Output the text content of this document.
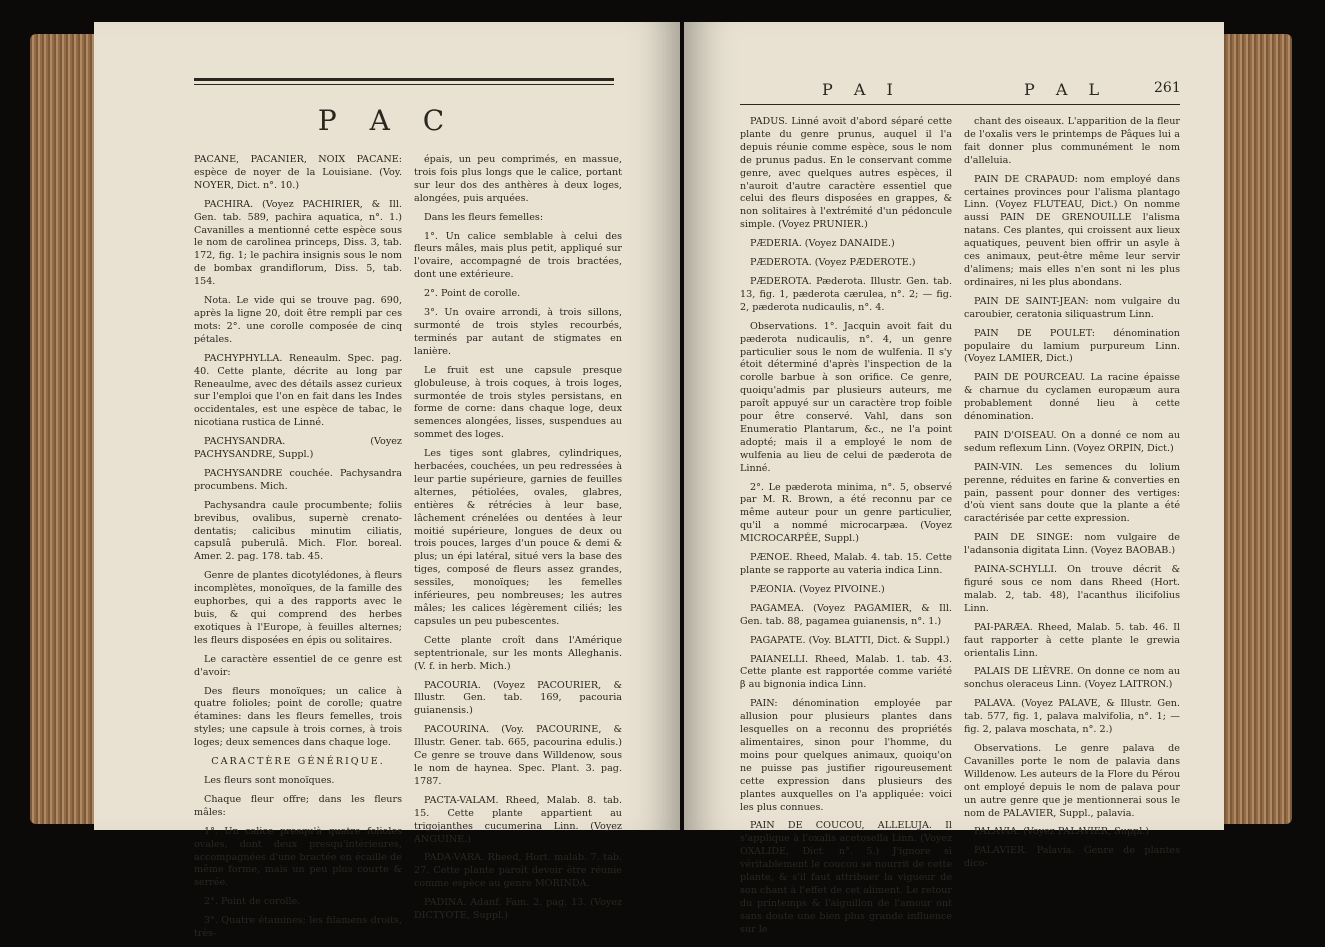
P A C

PACANE, PACANIER, NOIX PACANE: espèce de noyer de la Louisiane. (Voy. NOYER, Dict. n°. 10.)

PACHIRA. (Voyez PACHIRIER, & Ill. Gen. tab. 589, pachira aquatica, n°. 1.) Cavanilles a mentionné cette espèce sous le nom de carolinea princeps, Diss. 3, tab. 172, fig. 1; le pachira insignis sous le nom de bombax grandiflorum, Diss. 5, tab. 154.

Nota. Le vide qui se trouve pag. 690, après la ligne 20, doit être rempli par ces mots: 2°. une corolle composée de cinq pétales.

PACHYPHYLLA. Reneaulm. Spec. pag. 40. Cette plante, décrite au long par Reneaulme, avec des détails assez curieux sur l'emploi que l'on en fait dans les Indes occidentales, est une espèce de tabac, le nicotiana rustica de Linné.

PACHYSANDRA. (Voyez PACHYSANDRE, Suppl.)

PACHYSANDRE couchée. Pachysandra procumbens. Mich.

Pachysandra caule procumbente; foliis brevibus, ovalibus, supernè crenato-dentatis; calicibus minutim ciliatis, capsulâ puberulâ. Mich. Flor. boreal. Amer. 2. pag. 178. tab. 45.

Genre de plantes dicotylédones, à fleurs incomplètes, monoïques, de la famille des euphorbes, qui a des rapports avec le buis, & qui comprend des herbes exotiques à l'Europe, à feuilles alternes; les fleurs disposées en épis ou solitaires.

Le caractère essentiel de ce genre est d'avoir:

Des fleurs monoïques; un calice à quatre folioles; point de corolle; quatre étamines: dans les fleurs femelles, trois styles; une capsule à trois cornes, à trois loges; deux semences dans chaque loge.

CARACTÈRE GÉNÉRIQUE.

Les fleurs sont monoïques.

Chaque fleur offre; dans les fleurs mâles:

1°. Un calice presqu'à quatre folioles ovales, dont deux presqu'intérieures, accompagnées d'une bractée en écaille de même forme, mais un peu plus courte & serrée.

2°. Point de corolle.

3°. Quatre étamines; les filamens droits, très-

épais, un peu comprimés, en massue, trois fois plus longs que le calice, portant sur leur dos des anthères à deux loges, alongées, puis arquées.

Dans les fleurs femelles:

1°. Un calice semblable à celui des fleurs mâles, mais plus petit, appliqué sur l'ovaire, accompagné de trois bractées, dont une extérieure.

2°. Point de corolle.

3°. Un ovaire arrondi, à trois sillons, surmonté de trois styles recourbés, terminés par autant de stigmates en lanière.

Le fruit est une capsule presque globuleuse, à trois coques, à trois loges, surmontée de trois styles persistans, en forme de corne: dans chaque loge, deux semences alongées, lisses, suspendues au sommet des loges.

Les tiges sont glabres, cylindriques, herbacées, couchées, un peu redressées à leur partie supérieure, garnies de feuilles alternes, pétiolées, ovales, glabres, entières & rétrécies à leur base, lâchement crénelées ou dentées à leur moitié supérieure, longues de deux ou trois pouces, larges d'un pouce & demi & plus; un épi latéral, situé vers la base des tiges, composé de fleurs assez grandes, sessiles, monoïques; les femelles inférieures, peu nombreuses; les autres mâles; les calices légèrement ciliés; les capsules un peu pubescentes.

Cette plante croît dans l'Amérique septentrionale, sur les monts Alleghanis. (V. f. in herb. Mich.)

PACOURIA. (Voyez PACOURIER, & Illustr. Gen. tab. 169, pacouria guianensis.)

PACOURINA. (Voy. PACOURINE, & Illustr. Gener. tab. 665, pacourina edulis.) Ce genre se trouve dans Willdenow, sous le nom de haynea. Spec. Plant. 3. pag. 1787.

PACTA-VALAM. Rheed, Malab. 8. tab. 15. Cette plante appartient au trigojanthes cucumerina Linn. (Voyez ANGUINE.)

PADA-VARA. Rheed, Hort. malab. 7. tab. 27. Cette plante paroît devoir être réunie comme espèce au genre MORINDA.

PADINA. Adanf. Fam. 2. pag. 13. (Voyez DICTYOTE, Suppl.)

P A I	P A L	261

PADUS. Linné avoit d'abord séparé cette plante du genre prunus, auquel il l'a depuis réunie comme espèce, sous le nom de prunus padus. En le conservant comme genre, avec quelques autres espèces, il n'auroit d'autre caractère essentiel que celui des fleurs disposées en grappes, & non solitaires à l'extrémité d'un pédoncule simple. (Voyez PRUNIER.)

PÆDERIA. (Voyez DANAIDE.)

PÆDEROTA. (Voyez PÆDEROTE.)

PÆDEROTA. Pæderota. Illustr. Gen. tab. 13, fig. 1, pæderota cærulea, n°. 2; — fig. 2, pæderota nudicaulis, n°. 4.

Observations. 1°. Jacquin avoit fait du pæderota nudicaulis, n°. 4, un genre particulier sous le nom de wulfenia. Il s'y étoit déterminé d'après l'inspection de la corolle barbue à son orifice. Ce genre, quoiqu'admis par plusieurs auteurs, me paroît appuyé sur un caractère trop foible pour être conservé. Vahl, dans son Enumeratio Plantarum, &c., ne l'a point adopté; mais il a employé le nom de wulfenia au lieu de celui de pæderota de Linné.

2°. Le pæderota minima, n°. 5, observé par M. R. Brown, a été reconnu par ce même auteur pour un genre particulier, qu'il a nommé microcarpæa. (Voyez MICROCARPÉE, Suppl.)

PÆNOE. Rheed, Malab. 4. tab. 15. Cette plante se rapporte au vateria indica Linn.

PÆONIA. (Voyez PIVOINE.)

PAGAMEA. (Voyez PAGAMIER, & Ill. Gen. tab. 88, pagamea guianensis, n°. 1.)

PAGAPATE. (Voy. BLATTI, Dict. & Suppl.)

PAIANELLI. Rheed, Malab. 1. tab. 43. Cette plante est rapportée comme variété β au bignonia indica Linn.

PAIN: dénomination employée par allusion pour plusieurs plantes dans lesquelles on a reconnu des propriétés alimentaires, sinon pour l'homme, du moins pour quelques animaux, quoiqu'on ne puisse pas justifier rigoureusement cette expression dans plusieurs des plantes auxquelles on l'a appliquée: voici les plus connues.

PAIN DE COUCOU, ALLELUJA. Il s'applique à l'oxalis acetosella Linn. (Voyez OXALIDE, Dict. n°. 5.) J'ignore si véritablement le coucou se nourrit de cette plante, & s'il faut attribuer la vigueur de son chant à l'effet de cet aliment. Le retour du printemps & l'aiguillon de l'amour ont sans doute une bien plus grande influence sur le

chant des oiseaux. L'apparition de la fleur de l'oxalis vers le printemps de Pâques lui a fait donner plus communément le nom d'alleluia.

PAIN DE CRAPAUD: nom employé dans certaines provinces pour l'alisma plantago Linn. (Voyez FLUTEAU, Dict.) On nomme aussi PAIN DE GRENOUILLE l'alisma natans. Ces plantes, qui croissent aux lieux aquatiques, peuvent bien offrir un asyle à ces animaux, peut-être même leur servir d'alimens; mais elles n'en sont ni les plus ordinaires, ni les plus abondans.

PAIN DE SAINT-JEAN: nom vulgaire du caroubier, ceratonia siliquastrum Linn.

PAIN DE POULET: dénomination populaire du lamium purpureum Linn. (Voyez LAMIER, Dict.)

PAIN DE POURCEAU. La racine épaisse & charnue du cyclamen europæum aura probablement donné lieu à cette dénomination.

PAIN D'OISEAU. On a donné ce nom au sedum reflexum Linn. (Voyez ORPIN, Dict.)

PAIN-VIN. Les semences du lolium perenne, réduites en farine & converties en pain, passent pour donner des vertiges: d'où vient sans doute que la plante a été caractérisée par cette expression.

PAIN DE SINGE: nom vulgaire de l'adansonia digitata Linn. (Voyez BAOBAB.)

PAINA-SCHYLLI. On trouve décrit & figuré sous ce nom dans Rheed (Hort. malab. 2, tab. 48), l'acanthus ilicifolius Linn.

PAI-PARÆA. Rheed, Malab. 5. tab. 46. Il faut rapporter à cette plante le grewia orientalis Linn.

PALAIS DE LIÈVRE. On donne ce nom au sonchus oleraceus Linn. (Voyez LAITRON.)

PALAVA. (Voyez PALAVE, & Illustr. Gen. tab. 577, fig. 1, palava malvifolia, n°. 1; — fig. 2, palava moschata, n°. 2.)

Observations. Le genre palava de Cavanilles porte le nom de palavia dans Willdenow. Les auteurs de la Flore du Pérou ont employé depuis le nom de palava pour un autre genre que je mentionnerai sous le nom de PALAVIER, Suppl., palavia.

PALAVIA. (Voyez PALAVIER, Suppl.)

PALAVIER. Palavia. Genre de plantes dico-
